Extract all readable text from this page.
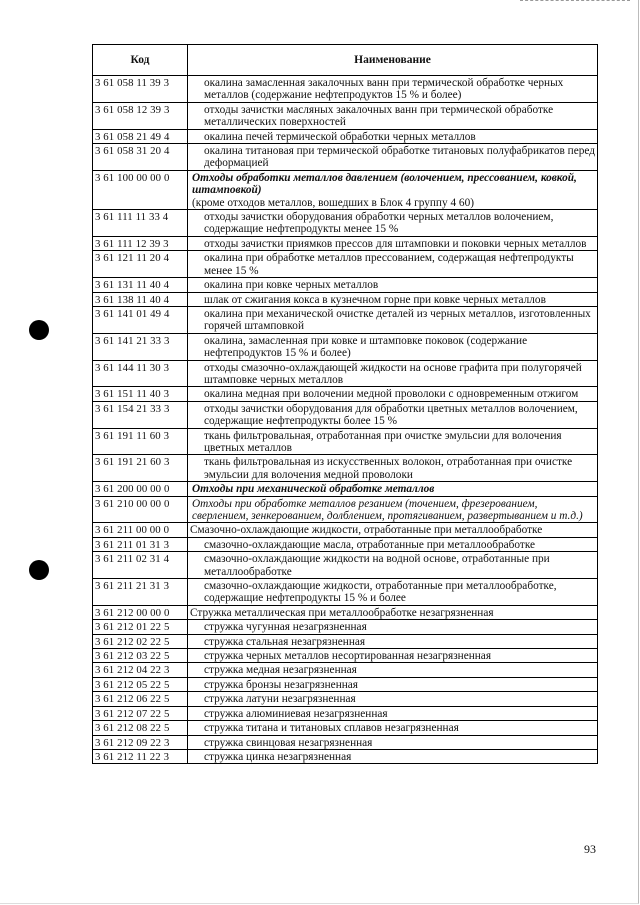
Код	Наименование
3 61 058 11 39 3	окалина замасленная закалочных ванн при термической обработке черных металлов (содержание нефтепродуктов 15 % и более)
3 61 058 12 39 3	отходы зачистки масляных закалочных ванн при термической обработке металлических поверхностей
3 61 058 21 49 4	окалина печей термической обработки черных металлов
3 61 058 31 20 4	окалина титановая при термической обработке титановых полуфабрикатов перед деформацией
3 61 100 00 00 0	Отходы обработки металлов давлением (волочением, прессованием, ковкой, штамповкой)
(кроме отходов металлов, вошедших в Блок 4 группу 4 60)

3 61 111 11 33 4	отходы зачистки оборудования обработки черных металлов волочением, содержащие нефтепродукты менее 15 %
3 61 111 12 39 3	отходы зачистки приямков прессов для штамповки и поковки черных металлов
3 61 121 11 20 4	окалина при обработке металлов прессованием, содержащая нефтепродукты менее 15 %
3 61 131 11 40 4	окалина при ковке черных металлов
3 61 138 11 40 4	шлак от сжигания кокса в кузнечном горне при ковке черных металлов
3 61 141 01 49 4	окалина при механической очистке деталей из черных металлов, изготовленных горячей штамповкой
3 61 141 21 33 3	окалина, замасленная при ковке и штамповке поковок (содержание нефтепродуктов 15 % и более)
3 61 144 11 30 3	отходы смазочно-охлаждающей жидкости на основе графита при полугорячей штамповке черных металлов
3 61 151 11 40 3	окалина медная при волочении медной проволоки с одновременным отжигом
3 61 154 21 33 3	отходы зачистки оборудования для обработки цветных металлов волочением, содержащие нефтепродукты более 15 %
3 61 191 11 60 3	ткань фильтровальная, отработанная при очистке эмульсии для волочения цветных металлов
3 61 191 21 60 3	ткань фильтровальная из искусственных волокон, отработанная при очистке эмульсии для волочения медной проволоки
3 61 200 00 00 0	Отходы при механической обработке металлов
3 61 210 00 00 0	Отходы при обработке металлов резанием (точением, фрезерованием, сверлением, зенкерованием, долблением, протягиванием, развертыванием и т.д.)
3 61 211 00 00 0	Смазочно-охлаждающие жидкости, отработанные при металлообработке
3 61 211 01 31 3	смазочно-охлаждающие масла, отработанные при металлообработке
3 61 211 02 31 4	смазочно-охлаждающие жидкости на водной основе, отработанные при металлообработке
3 61 211 21 31 3	смазочно-охлаждающие жидкости, отработанные при металлообработке, содержащие нефтепродукты 15 % и более
3 61 212 00 00 0	Стружка металлическая при металлообработке незагрязненная
3 61 212 01 22 5	стружка чугунная незагрязненная
3 61 212 02 22 5	стружка стальная незагрязненная
3 61 212 03 22 5	стружка черных металлов несортированная незагрязненная
3 61 212 04 22 3	стружка медная незагрязненная
3 61 212 05 22 5	стружка бронзы незагрязненная
3 61 212 06 22 5	стружка латуни незагрязненная
3 61 212 07 22 5	стружка алюминиевая незагрязненная
3 61 212 08 22 5	стружка титана и титановых сплавов незагрязненная
3 61 212 09 22 3	стружка свинцовая незагрязненная
3 61 212 11 22 3	стружка цинка незагрязненная
93
